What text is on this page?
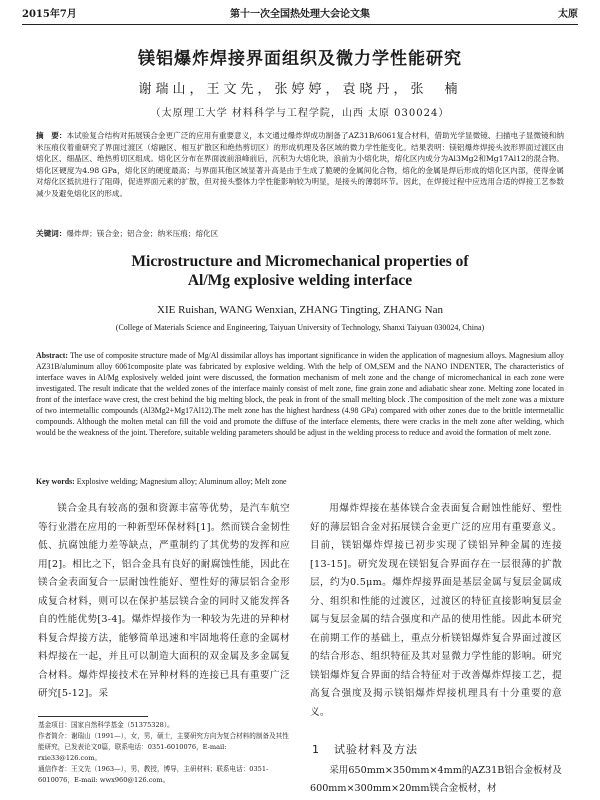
2015年7月	第十一次全国热处理大会论文集	太原
镁铝爆炸焊接界面组织及微力学性能研究
谢瑞山，王文先，张婷婷，袁晓丹，张　楠
（太原理工大学 材料科学与工程学院，山西 太原 030024）
摘　要：本试验复合结构对拓展镁合金更广泛的应用有重要意义，本文通过爆炸焊成功制备了AZ31B/6061复合材料，借助光学显微镜、扫描电子显微镜和纳米压痕仪着重研究了界面过渡区（熔融区、相互扩散区和绝热剪切区）的形成机理及各区域的微力学性能变化。结果表明：镁铝爆炸焊接头波形界面过渡区由熔化区、细晶区、绝热剪切区组成。熔化区分布在界面波前浪峰前后，沉积为大熔化块，浪前为小熔化块，熔化区内成分为Al3Mg2和Mg17Al12的混合物。熔化区硬度为4.98 GPa，熔化区的硬度最高；与界面其他区域显著升高是由于生成了脆硬的金属间化合物，熔化的金属是焊后形成的熔化区内部，使得金属对熔化区抵抗进行了阻碍，促进界面元素的扩散，但对接头整体力学性能影响较为明显，是接头的薄弱环节。因此，在焊接过程中应选用合适的焊接工艺参数减少及避免熔化区的形成。
关键词：爆炸焊；镁合金；铝合金；纳米压痕；熔化区
Microstructure and Micromechanical properties of
Al/Mg explosive welding interface
XIE Ruishan, WANG Wenxian, ZHANG Tingting, ZHANG Nan
(College of Materials Science and Engineering, Taiyuan University of Technology, Shanxi Taiyuan 030024, China)
Abstract: The use of composite structure made of Mg/Al dissimilar alloys has important significance in widen the application of magnesium alloys. Magnesium alloy AZ31B/aluminum alloy 6061composite plate was fabricated by explosive welding. With the help of OM,SEM and the NANO INDENTER, The characteristics of interface waves in Al/Mg explosively welded joint were discussed, the formation mechanism of melt zone and the change of micromechanical in each zone were investigated. The result indicate that the welded zones of the interface mainly consist of melt zone, fine grain zone and adiabatic shear zone. Melting zone located in front of the interface wave crest, the crest behind the big melting block, the peak in front of the small melting block .The composition of the melt zone was a mixture of two intermetallic compounds (Al3Mg2+Mg17Al12).The melt zone has the highest hardness (4.98 GPa) compared with other zones due to the brittle intermetallic compounds. Although the molten metal can fill the void and promote the diffuse of the interface elements, there were cracks in the melt zone after welding, which would be the weakness of the joint. Therefore, suitable welding parameters should be adjust in the welding process to reduce and avoid the formation of melt zone.
Key words: Explosive welding; Magnesium alloy; Aluminum alloy; Melt zone

镁合金具有较高的强和资源丰富等优势，是汽车航空等行业潜在应用的一种新型环保材料[1]。然而镁合金韧性低、抗腐蚀能力差等缺点，严重制约了其优势的发挥和应用[2]。相比之下，铝合金具有良好的耐腐蚀性能，因此在镁合金表面复合一层耐蚀性能好、塑性好的薄层铝合金形成复合材料，则可以在保护基层镁合金的同时又能发挥各自的性能优势[3-4]。爆炸焊接作为一种较为先进的异种材料复合焊接方法，能够简单迅速和牢固地将任意的金属材料焊接在一起，并且可以制造大面积的双金属及多金属复合材料。爆炸焊接技术在异种材料的连接已具有重要广泛研究[5-12]。采

用爆炸焊接在基体镁合金表面复合耐蚀性能好、塑性好的薄层铝合金对拓展镁合金更广泛的应用有重要意义。目前，镁铝爆炸焊接已初步实现了镁铝异种金属的连接[13-15]。研究发现在镁铝复合界面存在一层很薄的扩散层，约为0.5μm。爆炸焊接界面是基层金属与复层金属成分、组织和性能的过渡区，过渡区的特征直接影响复层金属与复层金属的结合强度和产品的使用性能。因此本研究在前期工作的基础上，重点分析镁铝爆炸复合界面过渡区的结合形态、组织特征及其对显微力学性能的影响。研究镁铝爆炸复合界面的结合特征对于改善爆炸焊接工艺，提高复合强度及揭示镁铝爆炸焊接机理具有十分重要的意义。

基金项目：国家自然科学基金（51375328）。
作者简介：谢瑞山（1991—），女，男，硕士，主要研究方向为复合材料的制备及其性能研究，已发表论文0篇，联系电话：0351-6010076，E-mail: rxie33@126.com。
通信作者：王文先（1963—），男，教授，博导，主研材料；联系电话：0351-6010076，E-mail: wwx960@126.com。
1 试验材料及方法

采用650mm×350mm×4mm的AZ31B铝合金板材及600mm×300mm×20mm镁合金板材，材
